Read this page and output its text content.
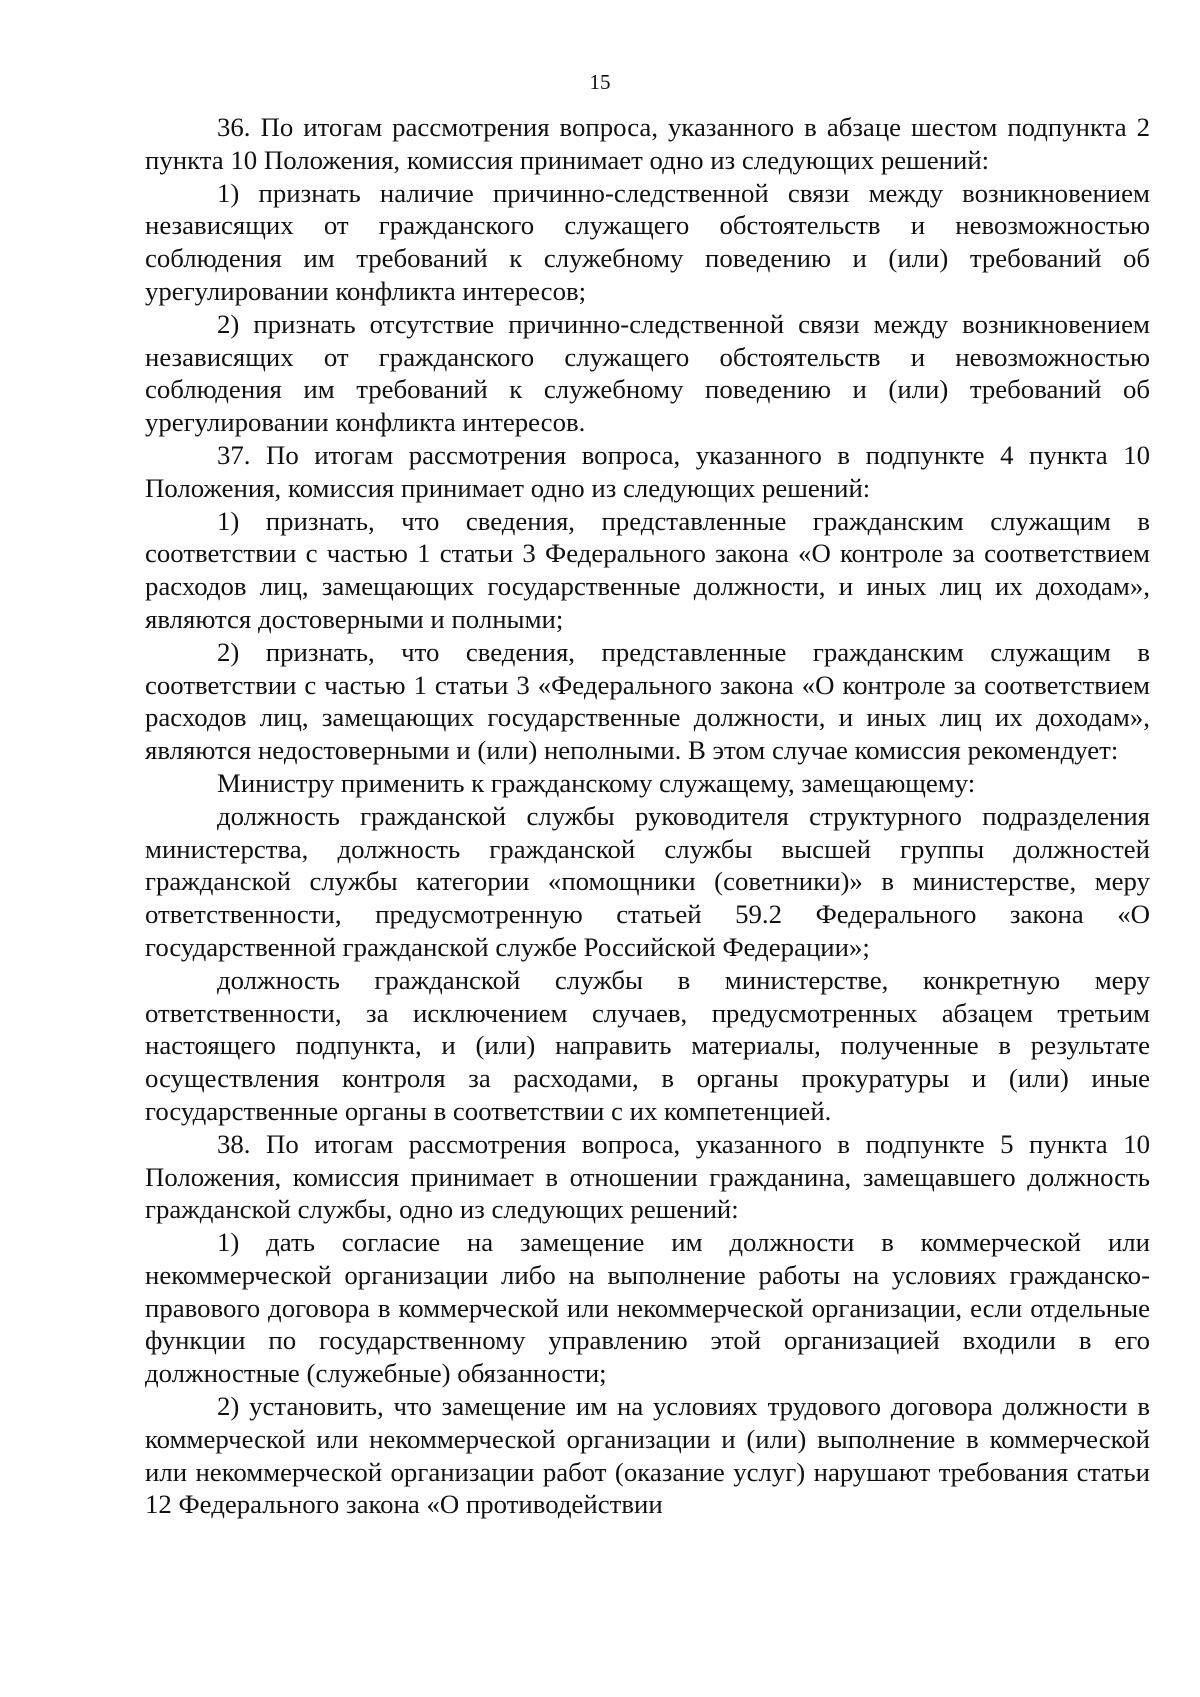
15

36. По итогам рассмотрения вопроса, указанного в абзаце шестом подпункта 2 пункта 10 Положения, комиссия принимает одно из следующих решений:

1) признать наличие причинно-следственной связи между возникновением независящих от гражданского служащего обстоятельств и невозможностью соблюдения им требований к служебному поведению и (или) требований об урегулировании конфликта интересов;

2) признать отсутствие причинно-следственной связи между возникновением независящих от гражданского служащего обстоятельств и невозможностью соблюдения им требований к служебному поведению и (или) требований об урегулировании конфликта интересов.

37. По итогам рассмотрения вопроса, указанного в подпункте 4 пункта 10 Положения, комиссия принимает одно из следующих решений:

1) признать, что сведения, представленные гражданским служащим в соответствии с частью 1 статьи 3 Федерального закона «О контроле за соответствием расходов лиц, замещающих государственные должности, и иных лиц их доходам», являются достоверными и полными;

2) признать, что сведения, представленные гражданским служащим в соответствии с частью 1 статьи 3 «Федерального закона «О контроле за соответствием расходов лиц, замещающих государственные должности, и иных лиц их доходам», являются недостоверными и (или) неполными. В этом случае комиссия рекомендует:

Министру применить к гражданскому служащему, замещающему:

должность гражданской службы руководителя структурного подразделения министерства, должность гражданской службы высшей группы должностей гражданской службы категории «помощники (советники)» в министерстве, меру ответственности, предусмотренную статьей 59.2 Федерального закона «О государственной гражданской службе Российской Федерации»;

должность гражданской службы в министерстве, конкретную меру ответственности, за исключением случаев, предусмотренных абзацем третьим настоящего подпункта, и (или) направить материалы, полученные в результате осуществления контроля за расходами, в органы прокуратуры и (или) иные государственные органы в соответствии с их компетенцией.

38. По итогам рассмотрения вопроса, указанного в подпункте 5 пункта 10 Положения, комиссия принимает в отношении гражданина, замещавшего должность гражданской службы, одно из следующих решений:

1) дать согласие на замещение им должности в коммерческой или некоммерческой организации либо на выполнение работы на условиях гражданско-правового договора в коммерческой или некоммерческой организации, если отдельные функции по государственному управлению этой организацией входили в его должностные (служебные) обязанности;

2) установить, что замещение им на условиях трудового договора должности в коммерческой или некоммерческой организации и (или) выполнение в коммерческой или некоммерческой организации работ (оказание услуг) нарушают требования статьи 12 Федерального закона «О противодействии
